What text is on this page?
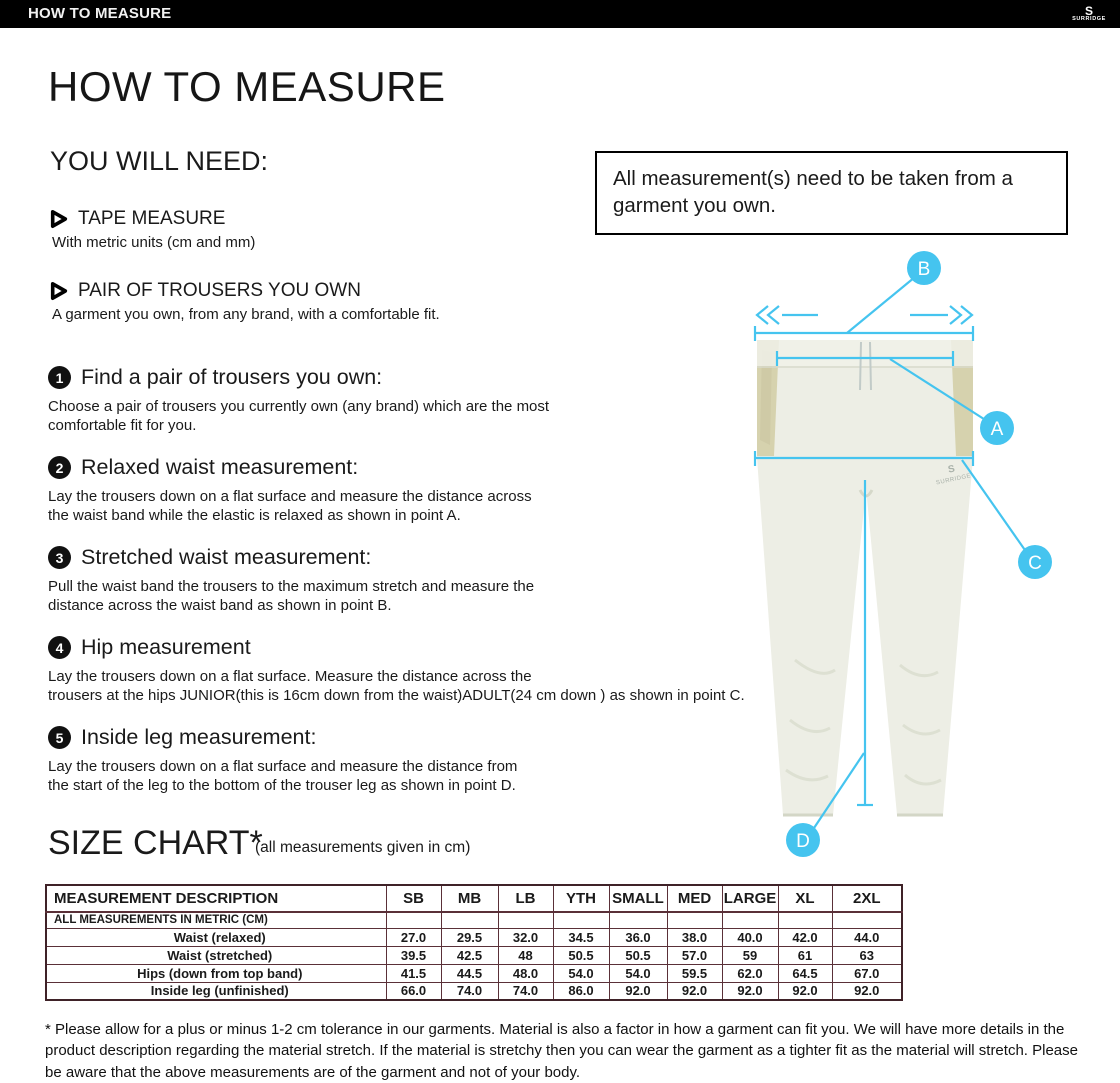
HOW TO MEASURE	S
SURRIDGE
HOW TO MEASURE
YOU WILL NEED:
TAPE MEASURE
With metric units (cm and mm)
PAIR OF TROUSERS YOU OWN
A garment you own, from any brand, with a comfortable fit.
All measurement(s) need to be taken from a garment you own.
1 Find a pair of trousers you own:
Choose a pair of trousers you currently own (any brand) which are the most
comfortable fit for you.
2 Relaxed waist measurement:
Lay the trousers down on a flat surface and measure the distance across
the waist band while the elastic is relaxed as shown in point A.
3 Stretched waist measurement:
Pull the waist band the trousers to the maximum stretch and measure the
distance across the waist band as shown in point B.
4 Hip measurement
Lay the trousers down on a flat surface. Measure the distance across the
trousers at the hips JUNIOR(this is 16cm down from the waist)ADULT(24 cm down ) as shown in point C.
5 Inside leg measurement:
Lay the trousers down on a flat surface and measure the distance from
the start of the leg to the bottom of the trouser leg as shown in point D.
S
SURRIDGE
B
A
C
D
SIZE CHART*
(all measurements given in cm)
MEASUREMENT DESCRIPTION	SB	MB	LB	YTH	SMALL	MED	LARGE	XL	2XL
ALL MEASUREMENTS IN METRIC (CM)									
Waist (relaxed)	27.0	29.5	32.0	34.5	36.0	38.0	40.0	42.0	44.0
Waist (stretched)	39.5	42.5	48	50.5	50.5	57.0	59	61	63
Hips (down from top band)	41.5	44.5	48.0	54.0	54.0	59.5	62.0	64.5	67.0
Inside leg (unfinished)	66.0	74.0	74.0	86.0	92.0	92.0	92.0	92.0	92.0
* Please allow for a plus or minus 1-2 cm tolerance in our garments. Material is also a factor in how a garment can fit you. We will have more details in the product description regarding the material stretch. If the material is stretchy then you can wear the garment as a tighter fit as the material will stretch. Please be aware that the above measurements are of the garment and not of your body.
